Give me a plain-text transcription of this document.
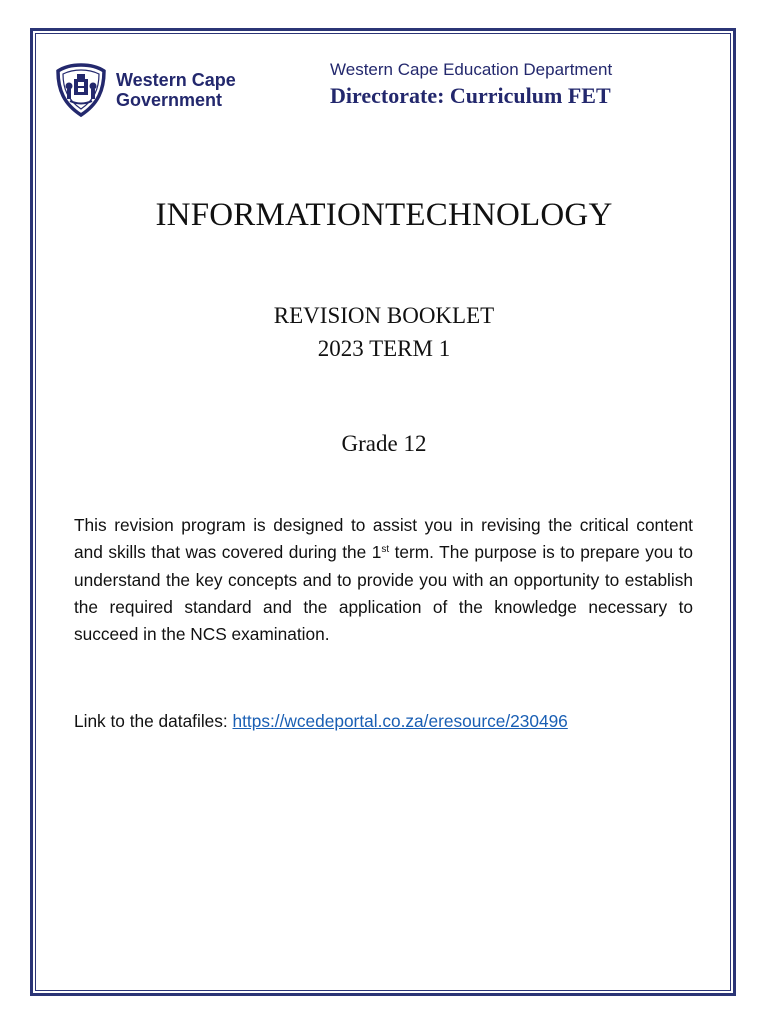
Western Cape
Government
Western Cape Education Department
Directorate: Curriculum FET
INFORMATIONTECHNOLOGY
REVISION BOOKLET
2023 TERM 1
Grade 12
This revision program is designed to assist you in revising the critical content and skills that was covered during the 1st term. The purpose is to prepare you to understand the key concepts and to provide you with an opportunity to establish the required standard and the application of the knowledge necessary to succeed in the NCS examination.
Link to the datafiles: https://wcedeportal.co.za/eresource/230496
